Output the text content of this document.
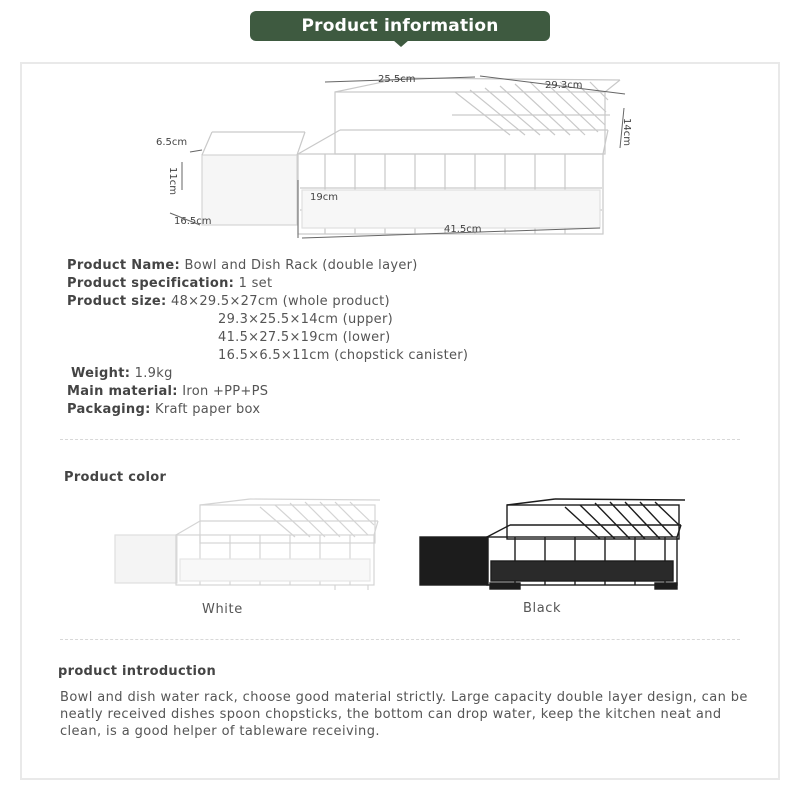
Product information
25.5cm
29.3cm
14cm
6.5cm
11cm
19cm
16.5cm
41.5cm
Product Name: Bowl and Dish Rack (double layer)
Product specification: 1 set
Product size: 48×29.5×27cm (whole product)
29.3×25.5×14cm (upper)
41.5×27.5×19cm (lower)
16.5×6.5×11cm (chopstick canister)
Weight: 1.9kg
Main material: Iron +PP+PS
Packaging: Kraft paper box
Product color
White	Black
product introduction
Bowl and dish water rack, choose good material strictly. Large capacity double layer design, can be neatly received dishes spoon chopsticks, the bottom can drop water, keep the kitchen neat and clean, is a good helper of tableware receiving.
